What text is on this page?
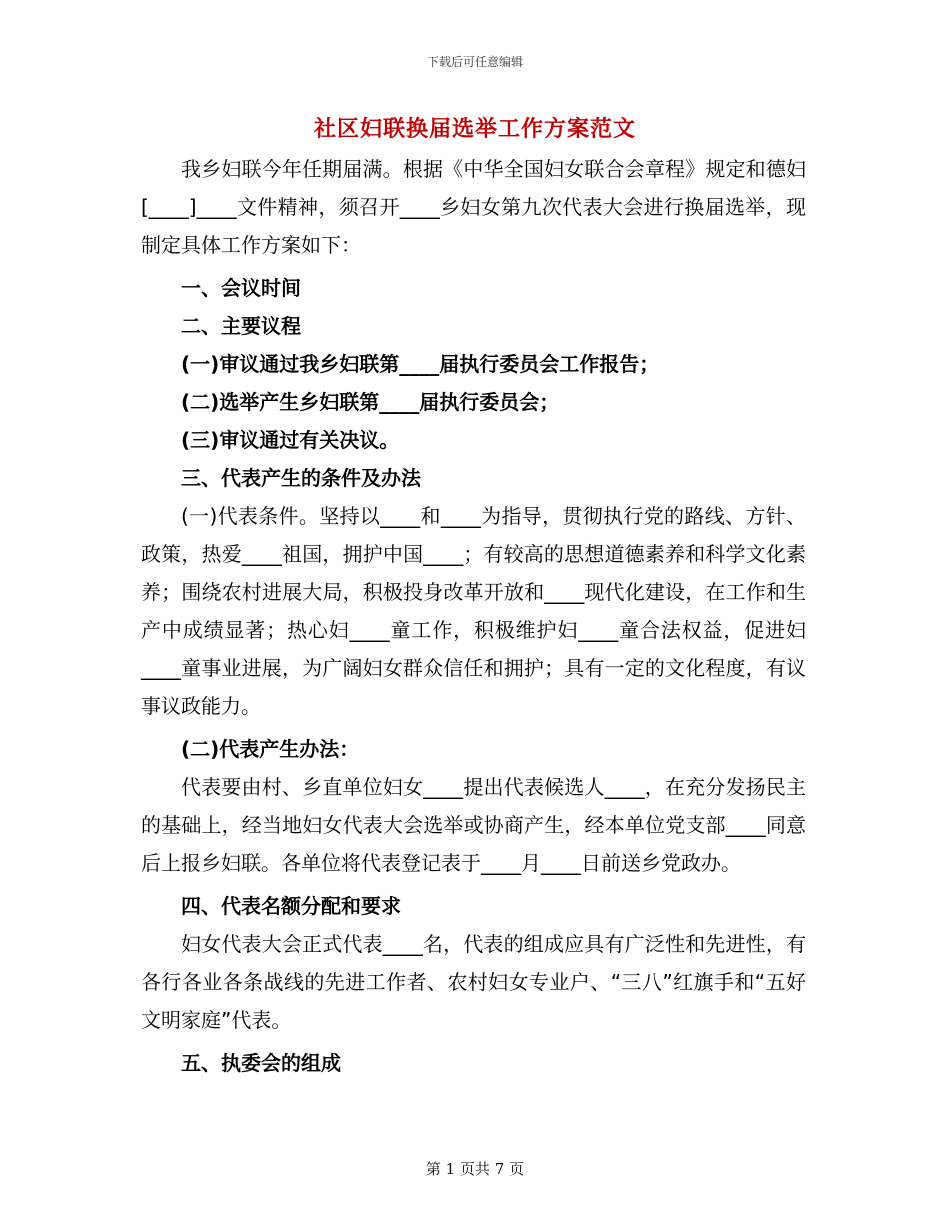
下载后可任意编辑
社区妇联换届选举工作方案范文

我乡妇联今年任期届满。根据《中华全国妇女联合会章程》规定和德妇[____]____文件精神，须召开____乡妇女第九次代表大会进行换届选举，现制定具体工作方案如下：

一、会议时间

二、主要议程

(一)审议通过我乡妇联第____届执行委员会工作报告；

(二)选举产生乡妇联第____届执行委员会；

(三)审议通过有关决议。

三、代表产生的条件及办法

(一)代表条件。坚持以____和____为指导，贯彻执行党的路线、方针、政策，热爱____祖国，拥护中国____；有较高的思想道德素养和科学文化素养；围绕农村进展大局，积极投身改革开放和____现代化建设，在工作和生产中成绩显著；热心妇____童工作，积极维护妇____童合法权益，促进妇____童事业进展，为广阔妇女群众信任和拥护；具有一定的文化程度，有议事议政能力。

(二)代表产生办法：

代表要由村、乡直单位妇女____提出代表候选人____，在充分发扬民主的基础上，经当地妇女代表大会选举或协商产生，经本单位党支部____同意后上报乡妇联。各单位将代表登记表于____月____日前送乡党政办。

四、代表名额分配和要求

妇女代表大会正式代表____名，代表的组成应具有广泛性和先进性，有各行各业各条战线的先进工作者、农村妇女专业户、“三八”红旗手和“五好文明家庭”代表。

五、执委会的组成

第 1 页共 7 页
